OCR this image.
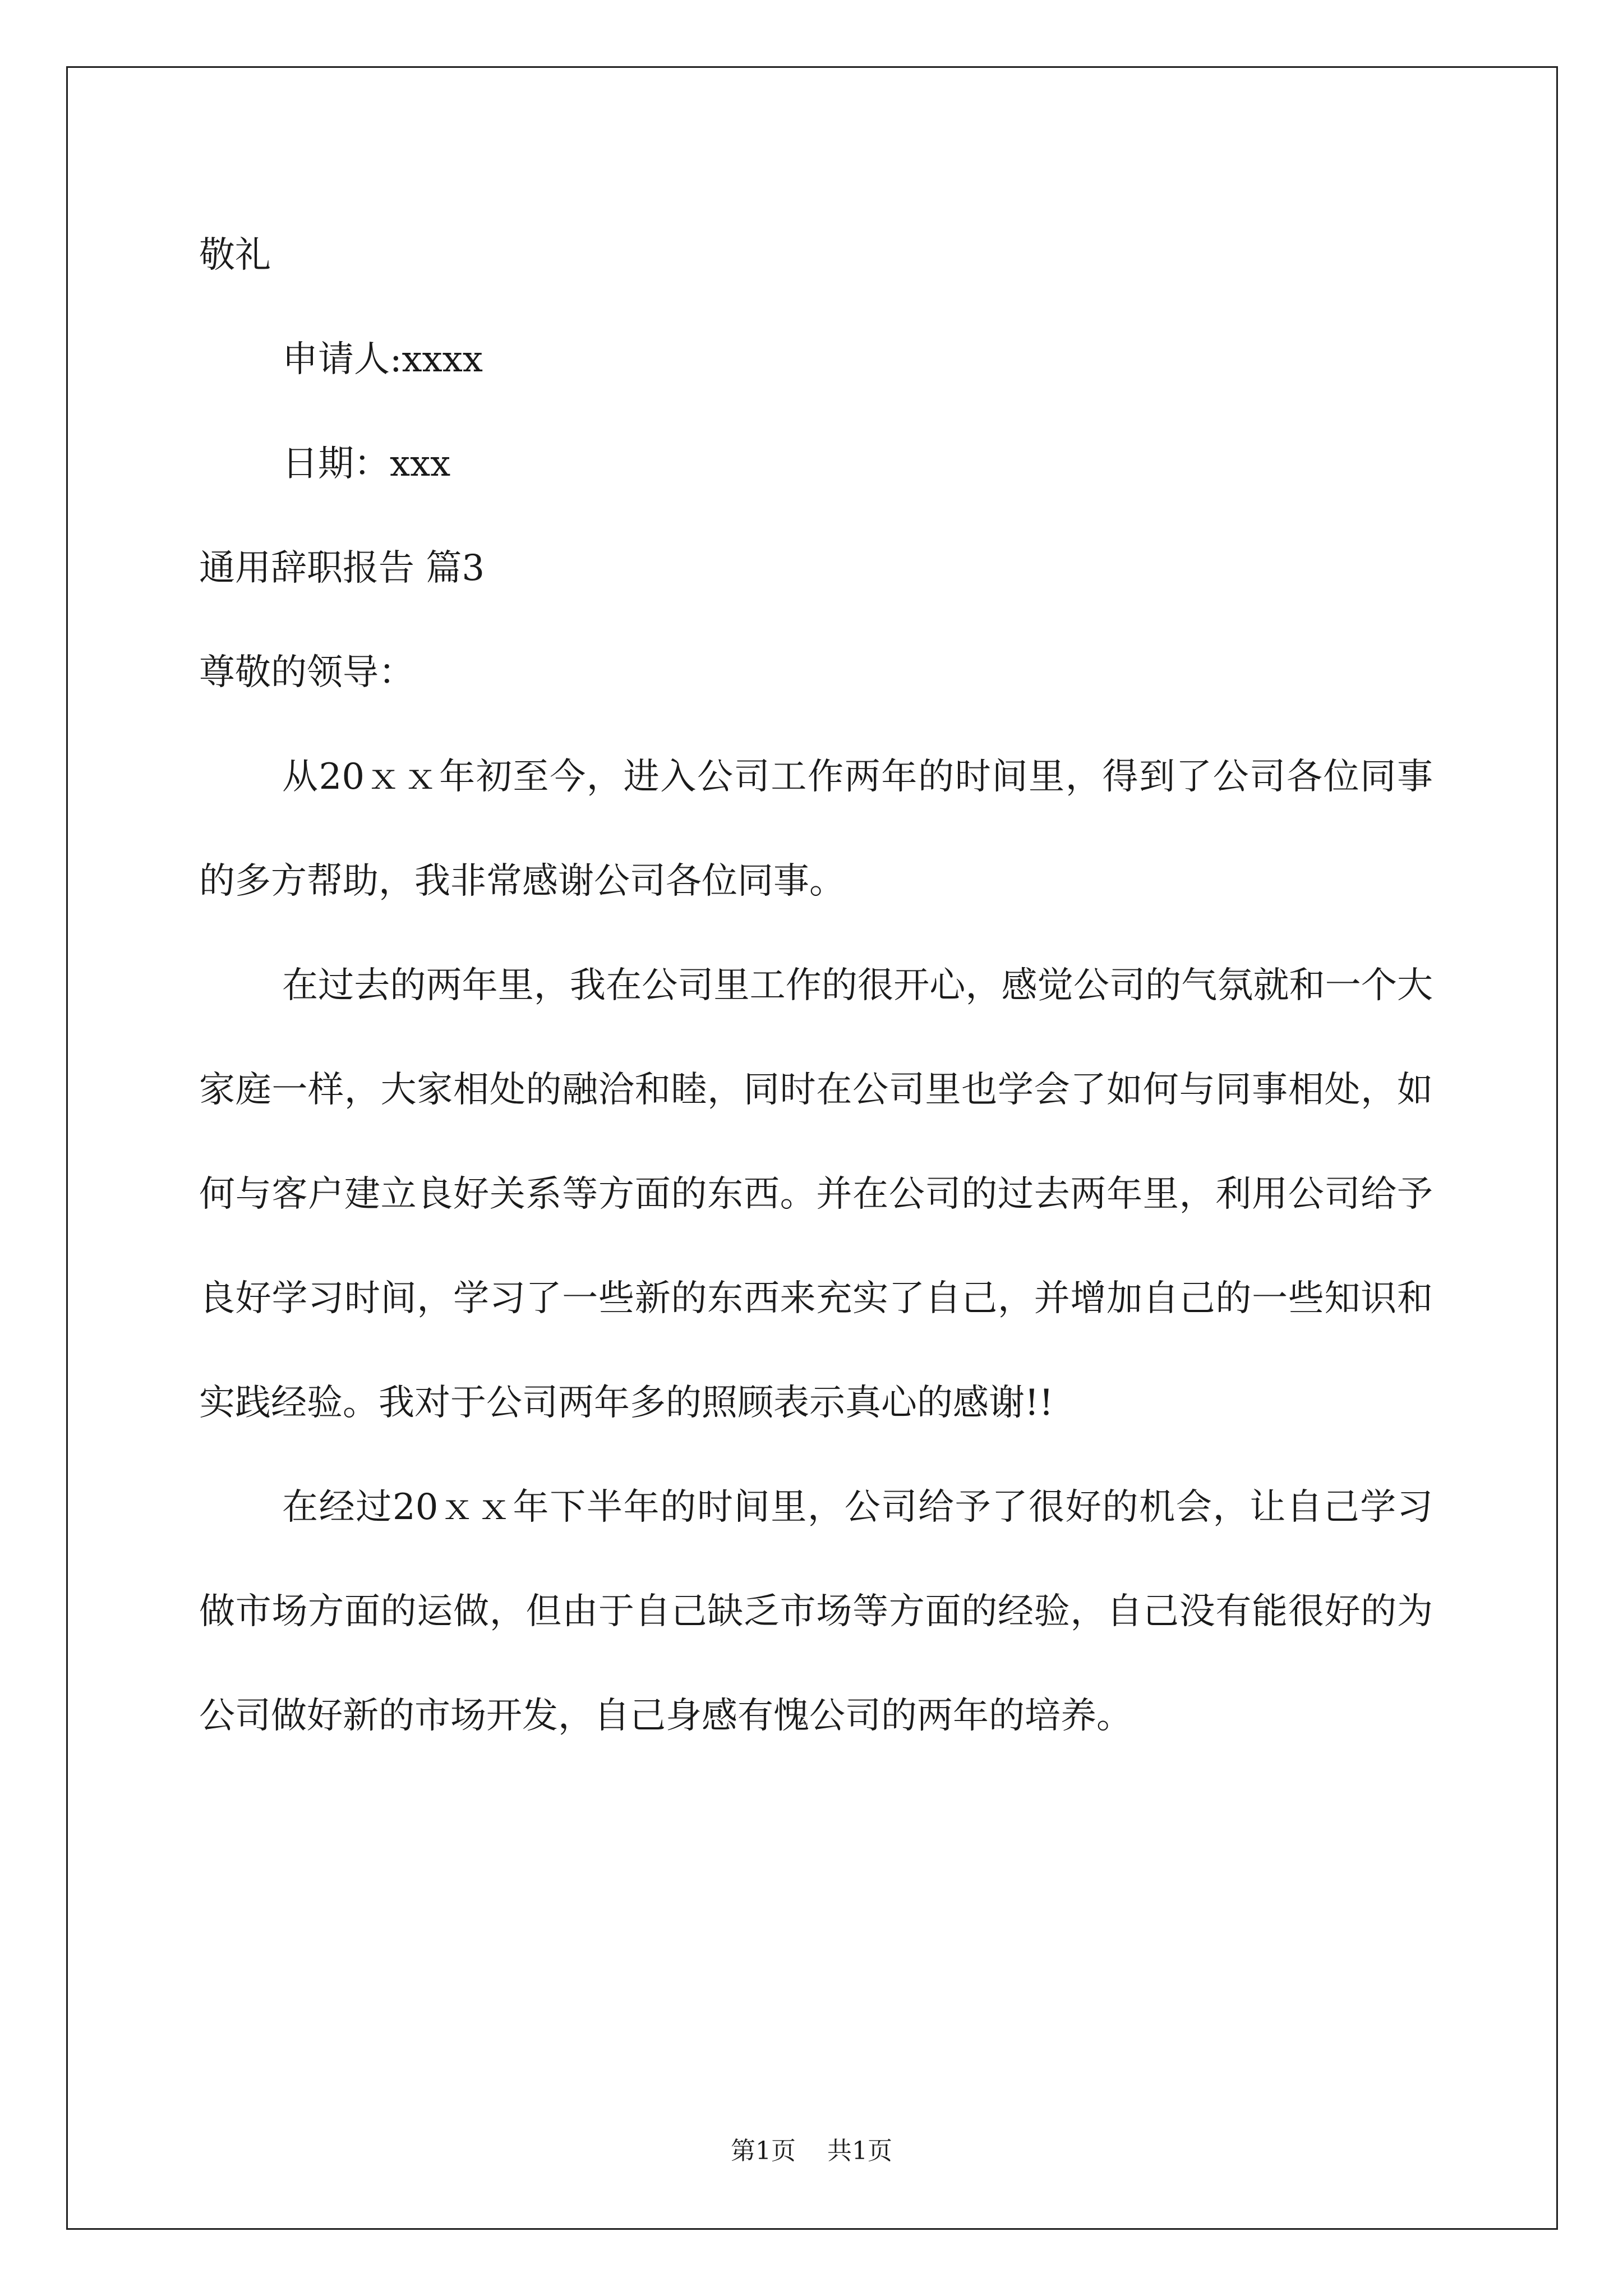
敬礼

申请人:xxxx

日期：xxx

通用辞职报告 篇3

尊敬的领导：

从20ｘｘ年初至今，进入公司工作两年的时间里，得到了公司各位同事的多方帮助，我非常感谢公司各位同事。

在过去的两年里，我在公司里工作的很开心，感觉公司的气氛就和一个大家庭一样，大家相处的融洽和睦，同时在公司里也学会了如何与同事相处，如何与客户建立良好关系等方面的东西。并在公司的过去两年里，利用公司给予良好学习时间，学习了一些新的东西来充实了自己，并增加自己的一些知识和实践经验。我对于公司两年多的照顾表示真心的感谢!!

在经过20ｘｘ年下半年的时间里，公司给予了很好的机会，让自己学习做市场方面的运做，但由于自己缺乏市场等方面的经验，自己没有能很好的为公司做好新的市场开发，自己身感有愧公司的两年的培养。

第1页 共1页
